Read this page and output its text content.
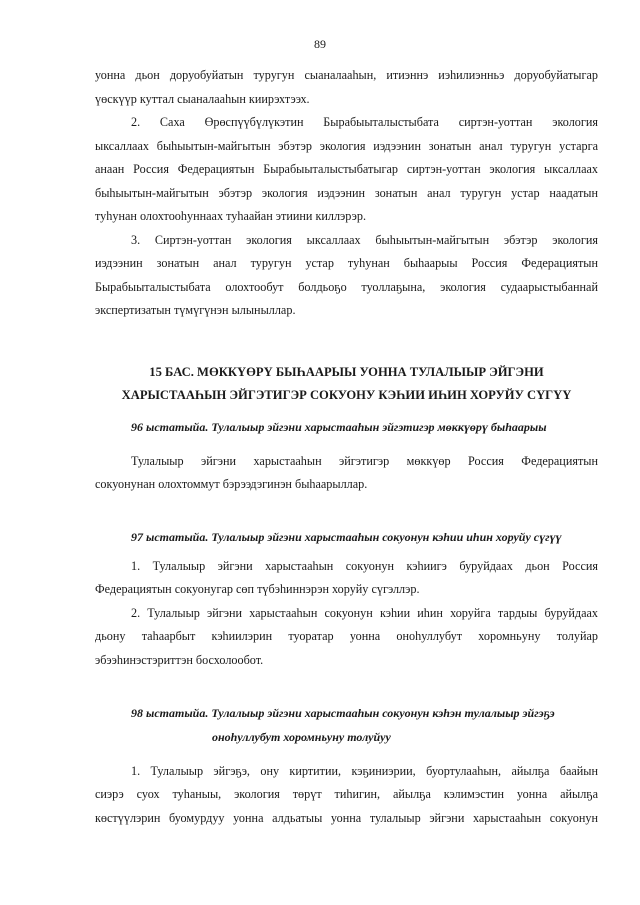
89

уонна дьон доруобуйатын туругун сыаналааһын, итиэннэ иэһилиэнньэ доруобуйатыгар

үөскүүр куттал сыаналааһын киирэхтээх.

2. Саха Өрөспүүбүлүкэтин Бырабыыталыстыбата сиртэн-уоттан экология

ыксаллаах быһыытын-майгытын эбэтэр экология иэдээнин зонатын анал туругун устарга

анаан Россия Федерациятын Бырабыыталыстыбатыгар сиртэн-уоттан экология ыксаллаах

быһыытын-майгытын эбэтэр экология иэдээнин зонатын анал туругун устар наадатын

туһунан олохтооһуннаах туһаайан этиини киллэрэр.

3. Сиртэн-уоттан экология ыксаллаах быһыытын-майгытын эбэтэр экология

иэдээнин зонатын анал туругун устар туһунан быһаарыы Россия Федерациятын

Бырабыыталыстыбата олохтообут болдьоҕо туоллаҕына, экология судаарыстыбаннай

экспертизатын түмүгүнэн ылыныллар.

15 БАС. МӨККҮӨРҮ БЫҺААРЫЫ УОННА ТУЛАЛЫЫР ЭЙГЭНИ

ХАРЫСТААҺЫН ЭЙГЭТИГЭР СОКУОНУ КЭҺИИ ИҺИН ХОРУЙУ СҮГҮҮ

96 ыстатыйа. Тулалыыр эйгэни харыстааһын эйгэтигэр мөккүөрү быһаарыы

Тулалыыр эйгэни харыстааһын эйгэтигэр мөккүөр Россия Федерациятын

сокуонунан олохтоммут бэрээдэгинэн быһаарыллар.

97 ыстатыйа. Тулалыыр эйгэни харыстааһын сокуонун кэһии иһин хоруйу сүгүү

1. Тулалыыр эйгэни харыстааһын сокуонун кэһиигэ буруйдаах дьон Россия

Федерациятын сокуонугар сөп түбэһиннэрэн хоруйу сүгэллэр.

2. Тулалыыр эйгэни харыстааһын сокуонун кэһии иһин хоруйга тардыы буруйдаах

дьону таһаарбыт кэһиилэрин туоратар уонна оноһуллубут хоромньуну толуйар

эбээһинэстэриттэн босхолообот.

98 ыстатыйа. Тулалыыр эйгэни харыстааһын сокуонун кэһэн тулалыыр эйгэҕэ

оноһуллубут хоромньуну толуйуу

1. Тулалыыр эйгэҕэ, ону киртитии, кэҕиниэрии, буортулааһын, айылҕа баайын

сиэрэ суох туһаныы, экология төрүт тиһигин, айылҕа кэлимэстин уонна айылҕа

көстүүлэрин буомурдуу уонна алдьатыы уонна тулалыыр эйгэни харыстааһын сокуонун
